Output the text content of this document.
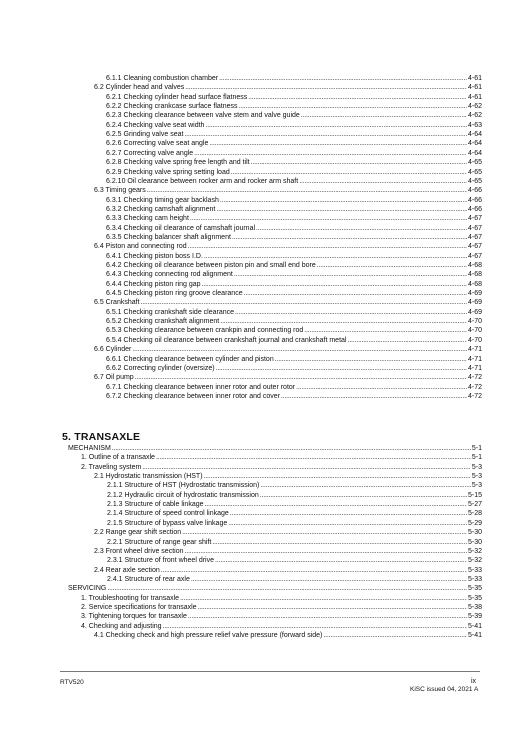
6.1.1 Cleaning combustion chamber .....	4-61
6.2 Cylinder head and valves .....	4-61
6.2.1 Checking cylinder head surface flatness .....	4-61
6.2.2 Checking crankcase surface flatness .....	4-62
6.2.3 Checking clearance between valve stem and valve guide .....	4-62
6.2.4 Checking valve seat width .....	4-63
6.2.5 Grinding valve seat .....	4-64
6.2.6 Correcting valve seat angle .....	4-64
6.2.7 Correcting valve angle .....	4-64
6.2.8 Checking valve spring free length and tilt .....	4-65
6.2.9 Checking valve spring setting load .....	4-65
6.2.10 Oil clearance between rocker arm and rocker arm shaft .....	4-65
6.3 Timing gears .....	4-66
6.3.1 Checking timing gear backlash .....	4-66
6.3.2 Checking camshaft alignment .....	4-66
6.3.3 Checking cam height .....	4-67
6.3.4 Checking oil clearance of camshaft journal .....	4-67
6.3.5 Checking balancer shaft alignment .....	4-67
6.4 Piston and connecting rod .....	4-67
6.4.1 Checking piston boss I.D. .....	4-67
6.4.2 Checking oil clearance between piston pin and small end bore .....	4-68
6.4.3 Checking connecting rod alignment .....	4-68
6.4.4 Checking piston ring gap .....	4-68
6.4.5 Checking piston ring groove clearance .....	4-69
6.5 Crankshaft .....	4-69
6.5.1 Checking crankshaft side clearance .....	4-69
6.5.2 Checking crankshaft alignment .....	4-70
6.5.3 Checking clearance between crankpin and connecting rod .....	4-70
6.5.4 Checking oil clearance between crankshaft journal and crankshaft metal .....	4-70
6.6 Cylinder .....	4-71
6.6.1 Checking clearance between cylinder and piston .....	4-71
6.6.2 Correcting cylinder (oversize) .....	4-71
6.7 Oil pump .....	4-72
6.7.1 Checking clearance between inner rotor and outer rotor .....	4-72
6.7.2 Checking clearance between inner rotor and cover .....	4-72
MECHANISM .....	5-1
1. Outline of a transaxle .....	5-1
2. Traveling system .....	5-3
2.1 Hydrostatic transmission (HST) .....	5-3
2.1.1 Structure of HST (Hydrostatic transmission) .....	5-3
2.1.2 Hydraulic circuit of hydrostatic transmission .....	5-15
2.1.3 Structure of cable linkage .....	5-27
2.1.4 Structure of speed control linkage .....	5-28
2.1.5 Structure of bypass valve linkage .....	5-29
2.2 Range gear shift section .....	5-30
2.2.1 Structure of range gear shift .....	5-30
2.3 Front wheel drive section .....	5-32
2.3.1 Structure of front wheel drive .....	5-32
2.4 Rear axle section .....	5-33
2.4.1 Structure of rear axle .....	5-33
SERVICING .....	5-35
1. Troubleshooting for transaxle .....	5-35
2. Service specifications for transaxle .....	5-38
3. Tightening torques for transaxle .....	5-39
4. Checking and adjusting .....	5-41
4.1 Checking check and high pressure relief valve pressure (forward side) .....	5-41
5. TRANSAXLE
RTV520	ix
KiSC issued 04, 2021 A
